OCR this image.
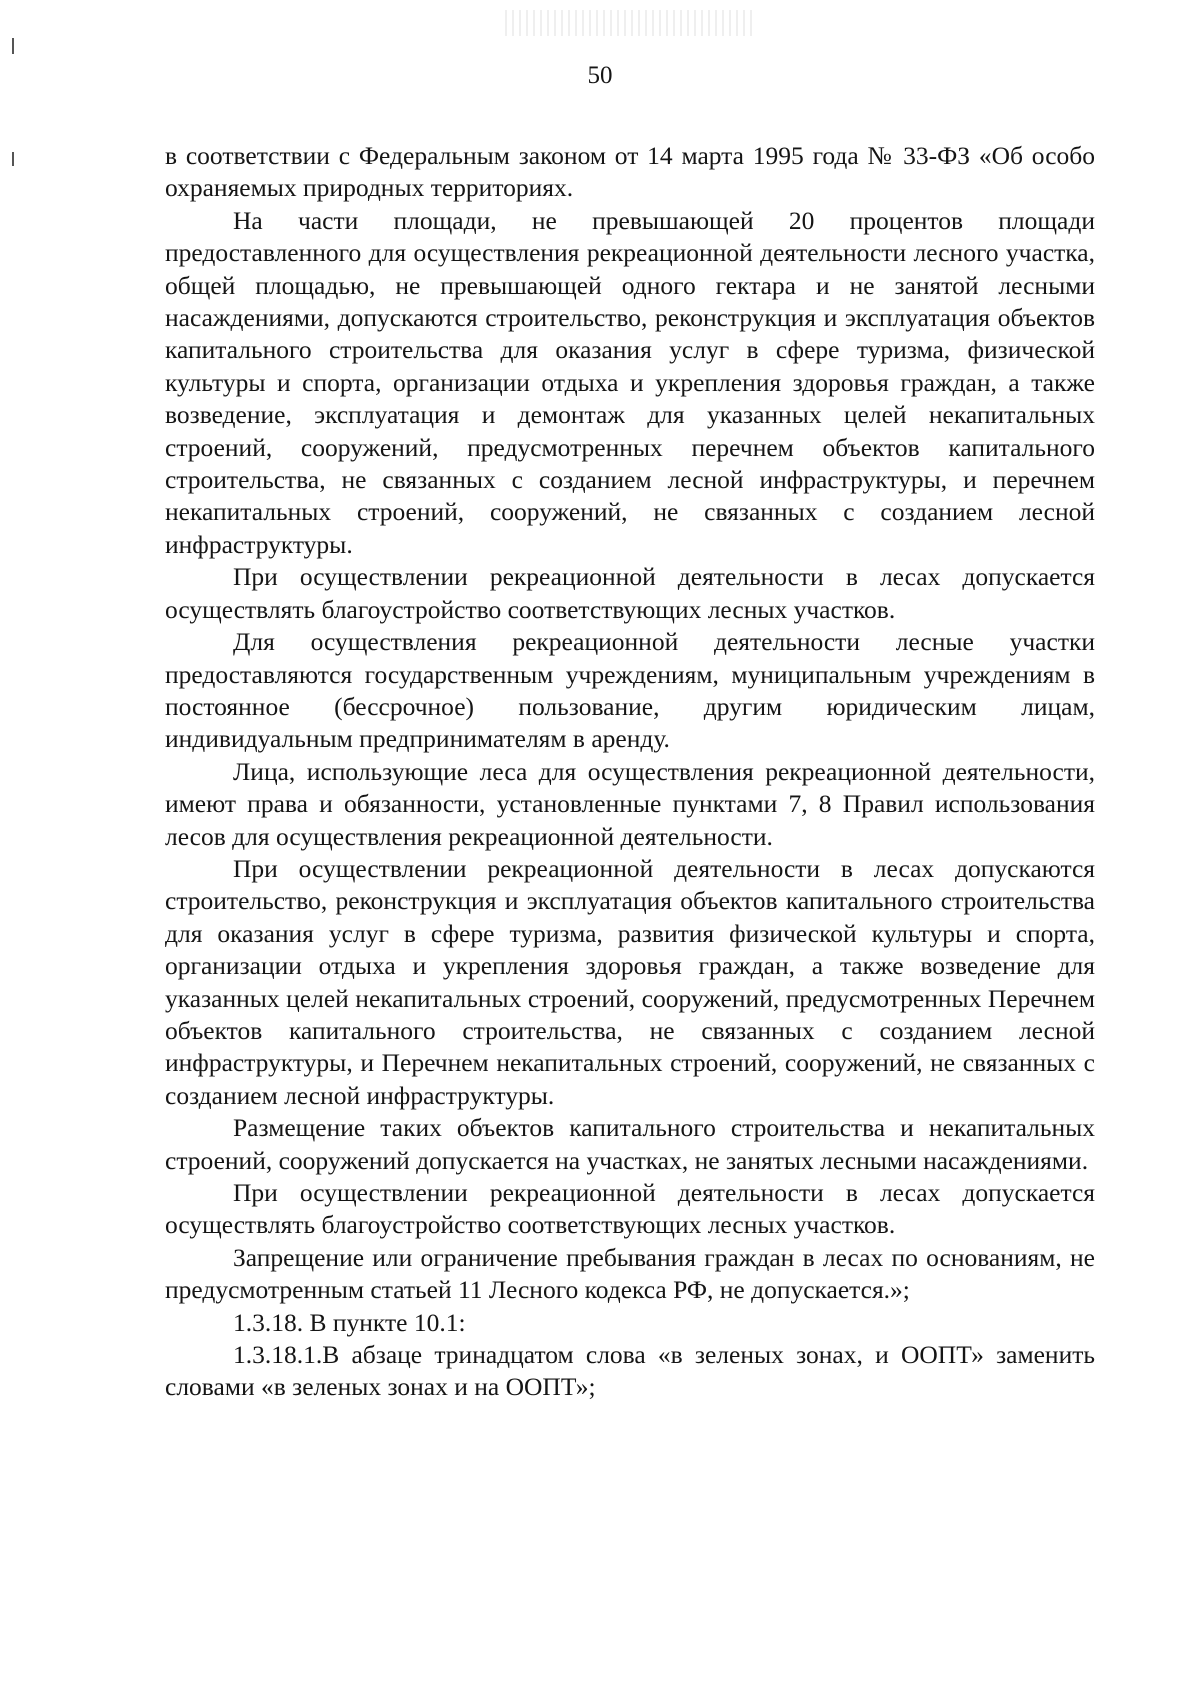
50

в соответствии с Федеральным законом от 14 марта 1995 года № 33-ФЗ «Об особо охраняемых природных территориях.

На части площади, не превышающей 20 процентов площади предоставленного для осуществления рекреационной деятельности лесного участка, общей площадью, не превышающей одного гектара и не занятой лесными насаждениями, допускаются строительство, реконструкция и эксплуатация объектов капитального строительства для оказания услуг в сфере туризма, физической культуры и спорта, организации отдыха и укрепления здоровья граждан, а также возведение, эксплуатация и демонтаж для указанных целей некапитальных строений, сооружений, предусмотренных перечнем объектов капитального строительства, не связанных с созданием лесной инфраструктуры, и перечнем некапитальных строений, сооружений, не связанных с созданием лесной инфраструктуры.

При осуществлении рекреационной деятельности в лесах допускается осуществлять благоустройство соответствующих лесных участков.

Для осуществления рекреационной деятельности лесные участки предоставляются государственным учреждениям, муниципальным учреждениям в постоянное (бессрочное) пользование, другим юридическим лицам, индивидуальным предпринимателям в аренду.

Лица, использующие леса для осуществления рекреационной деятельности, имеют права и обязанности, установленные пунктами 7, 8 Правил использования лесов для осуществления рекреационной деятельности.

При осуществлении рекреационной деятельности в лесах допускаются строительство, реконструкция и эксплуатация объектов капитального строительства для оказания услуг в сфере туризма, развития физической культуры и спорта, организации отдыха и укрепления здоровья граждан, а также возведение для указанных целей некапитальных строений, сооружений, предусмотренных Перечнем объектов капитального строительства, не связанных с созданием лесной инфраструктуры, и Перечнем некапитальных строений, сооружений, не связанных с созданием лесной инфраструктуры.

Размещение таких объектов капитального строительства и некапитальных строений, сооружений допускается на участках, не занятых лесными насаждениями.

При осуществлении рекреационной деятельности в лесах допускается осуществлять благоустройство соответствующих лесных участков.

Запрещение или ограничение пребывания граждан в лесах по основаниям, не предусмотренным статьей 11 Лесного кодекса РФ, не допускается.»;

1.3.18. В пункте 10.1:

1.3.18.1.В абзаце тринадцатом слова «в зеленых зонах, и ООПТ» заменить словами «в зеленых зонах и на ООПТ»;
